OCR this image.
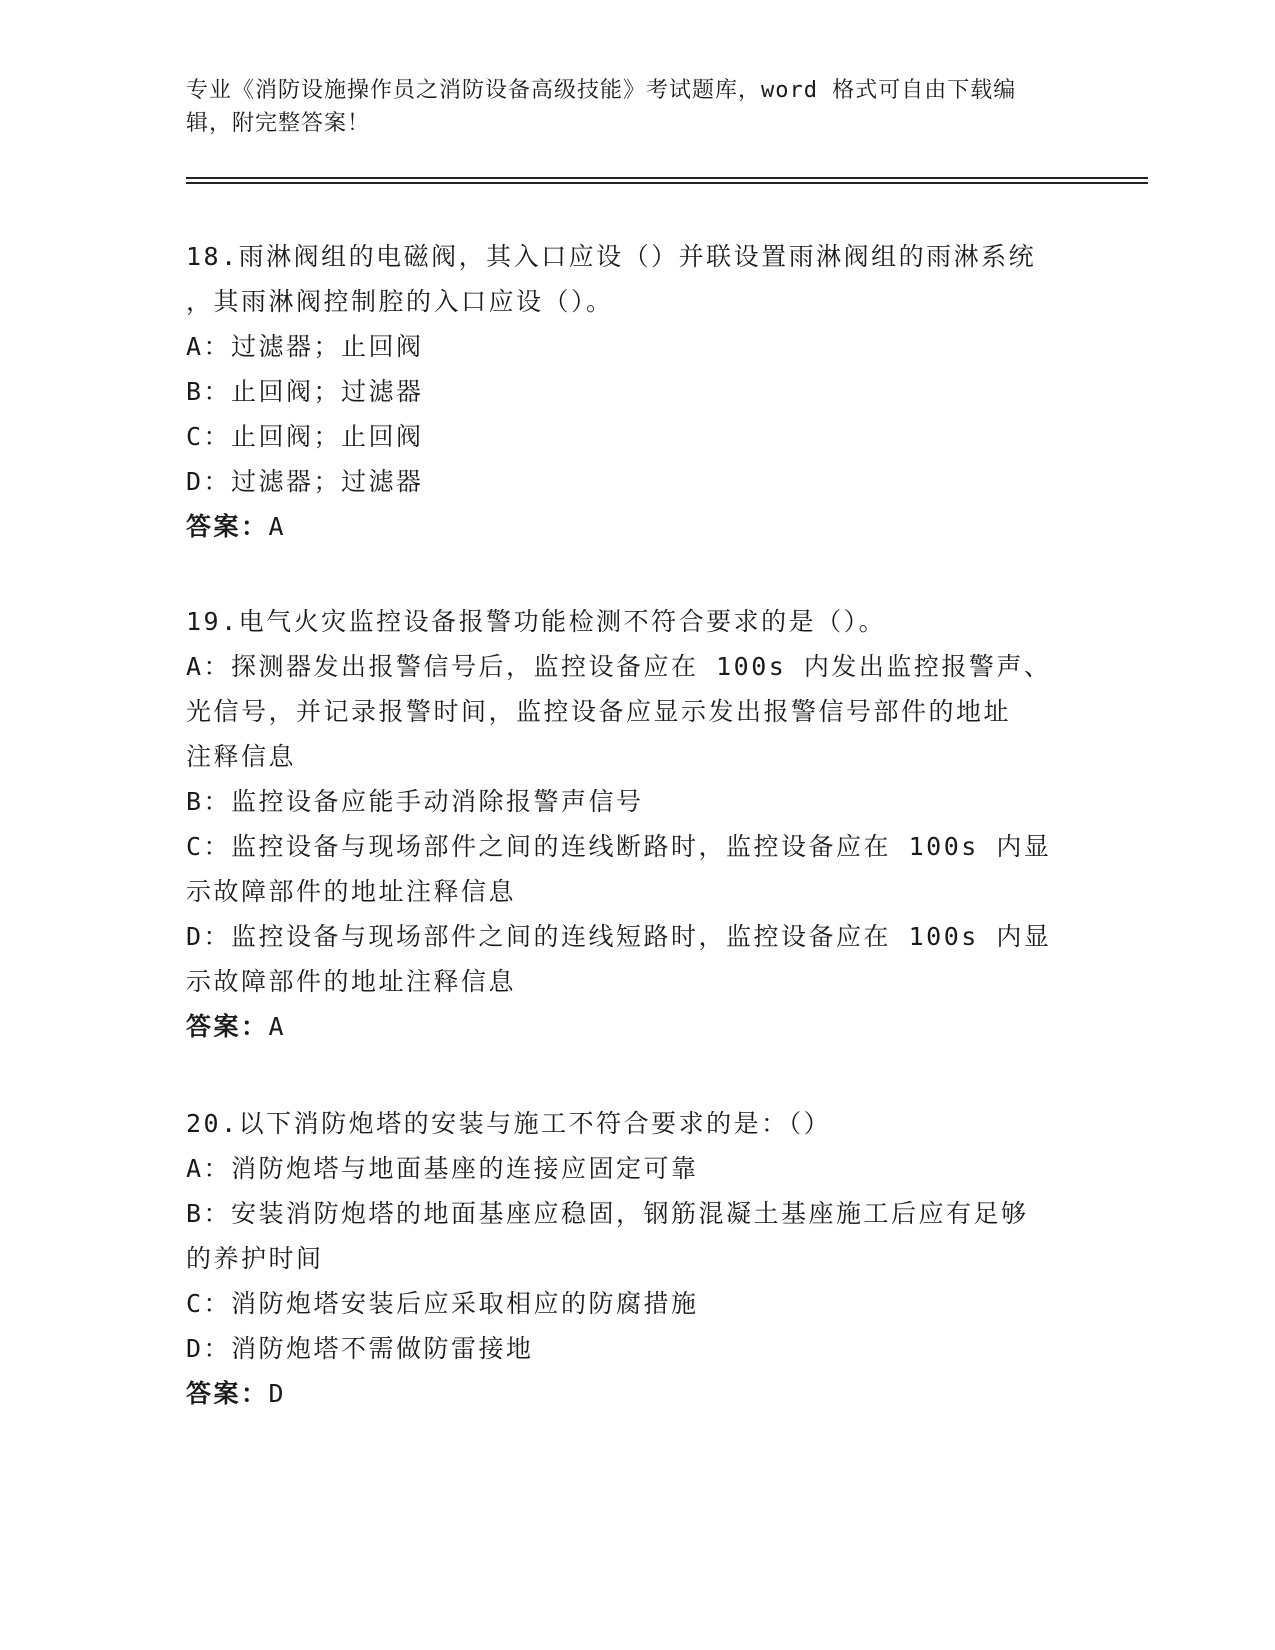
专业《消防设施操作员之消防设备高级技能》考试题库，word 格式可自由下载编
辑，附完整答案！
18.雨淋阀组的电磁阀，其入口应设（）并联设置雨淋阀组的雨淋系统
，其雨淋阀控制腔的入口应设（）。
A：过滤器；止回阀
B：止回阀；过滤器
C：止回阀；止回阀
D：过滤器；过滤器
答案：A
19.电气火灾监控设备报警功能检测不符合要求的是（）。
A：探测器发出报警信号后，监控设备应在 100s 内发出监控报警声、
光信号，并记录报警时间，监控设备应显示发出报警信号部件的地址
注释信息
B：监控设备应能手动消除报警声信号
C：监控设备与现场部件之间的连线断路时，监控设备应在 100s 内显
示故障部件的地址注释信息
D：监控设备与现场部件之间的连线短路时，监控设备应在 100s 内显
示故障部件的地址注释信息
答案：A
20.以下消防炮塔的安装与施工不符合要求的是：（）
A：消防炮塔与地面基座的连接应固定可靠
B：安装消防炮塔的地面基座应稳固，钢筋混凝土基座施工后应有足够
的养护时间
C：消防炮塔安装后应采取相应的防腐措施
D：消防炮塔不需做防雷接地
答案：D
